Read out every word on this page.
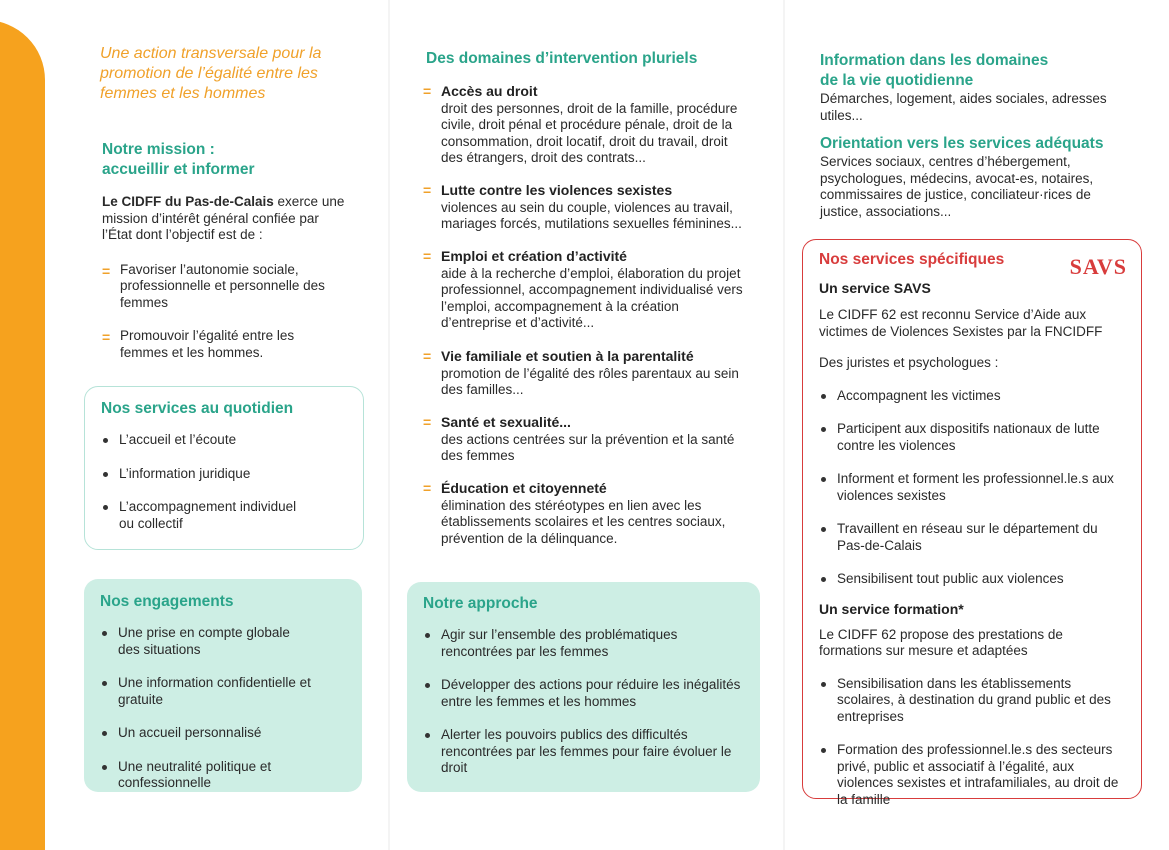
Une action transversale pour la promotion de l’égalité entre les femmes et les hommes
Notre mission :
accueillir et informer

Le CIDFF du Pas-de-Calais exerce une mission d’intérêt général confiée par l’État dont l’objectif est de :

= Favoriser l’autonomie sociale, professionnelle et personnelle des femmes
= Promouvoir l’égalité entre les femmes et les hommes.
Nos services au quotidien
L’accueil et l’écoute
L’information juridique
L’accompagnement individuel ou collectif
Nos engagements
Une prise en compte globale des situations
Une information confidentielle et gratuite
Un accueil personnalisé
Une neutralité politique et confessionnelle
Des domaines d’intervention pluriels
= Accès au droit
droit des personnes, droit de la famille, procédure civile, droit pénal et procédure pénale, droit de la consommation, droit locatif, droit du travail, droit des étrangers, droit des contrats...
= Lutte contre les violences sexistes
violences au sein du couple, violences au travail, mariages forcés, mutilations sexuelles féminines...
= Emploi et création d’activité
aide à la recherche d’emploi, élaboration du projet professionnel, accompagnement individualisé vers l’emploi, accompagnement à la création d’entreprise et d’activité...
= Vie familiale et soutien à la parentalité
promotion de l’égalité des rôles parentaux au sein des familles...
= Santé et sexualité...
des actions centrées sur la prévention et la santé des femmes
= Éducation et citoyenneté
élimination des stéréotypes en lien avec les établissements scolaires et les centres sociaux, prévention de la délinquance.
Notre approche
Agir sur l’ensemble des problématiques rencontrées par les femmes
Développer des actions pour réduire les inégalités entre les femmes et les hommes
Alerter les pouvoirs publics des difficultés rencontrées par les femmes pour faire évoluer le droit
Information dans les domaines
de la vie quotidienne

Démarches, logement, aides sociales, adresses utiles...

Orientation vers les services adéquats

Services sociaux, centres d’hébergement, psychologues, médecins, avocat-es, notaires, commissaires de justice, conciliateur·rices de justice, associations...

SAVS
Nos services spécifiques
Un service SAVS

Le CIDFF 62 est reconnu Service d’Aide aux victimes de Violences Sexistes par la FNCIDFF

Des juristes et psychologues :

Accompagnent les victimes
Participent aux dispositifs nationaux de lutte contre les violences
Informent et forment les professionnel.le.s aux violences sexistes
Travaillent en réseau sur le département du Pas-de-Calais
Sensibilisent tout public aux violences
Un service formation*

Le CIDFF 62 propose des prestations de formations sur mesure et adaptées

Sensibilisation dans les établissements scolaires, à destination du grand public et des entreprises
Formation des professionnel.le.s des secteurs privé, public et associatif à l’égalité, aux violences sexistes et intrafamiliales, au droit de la famille
